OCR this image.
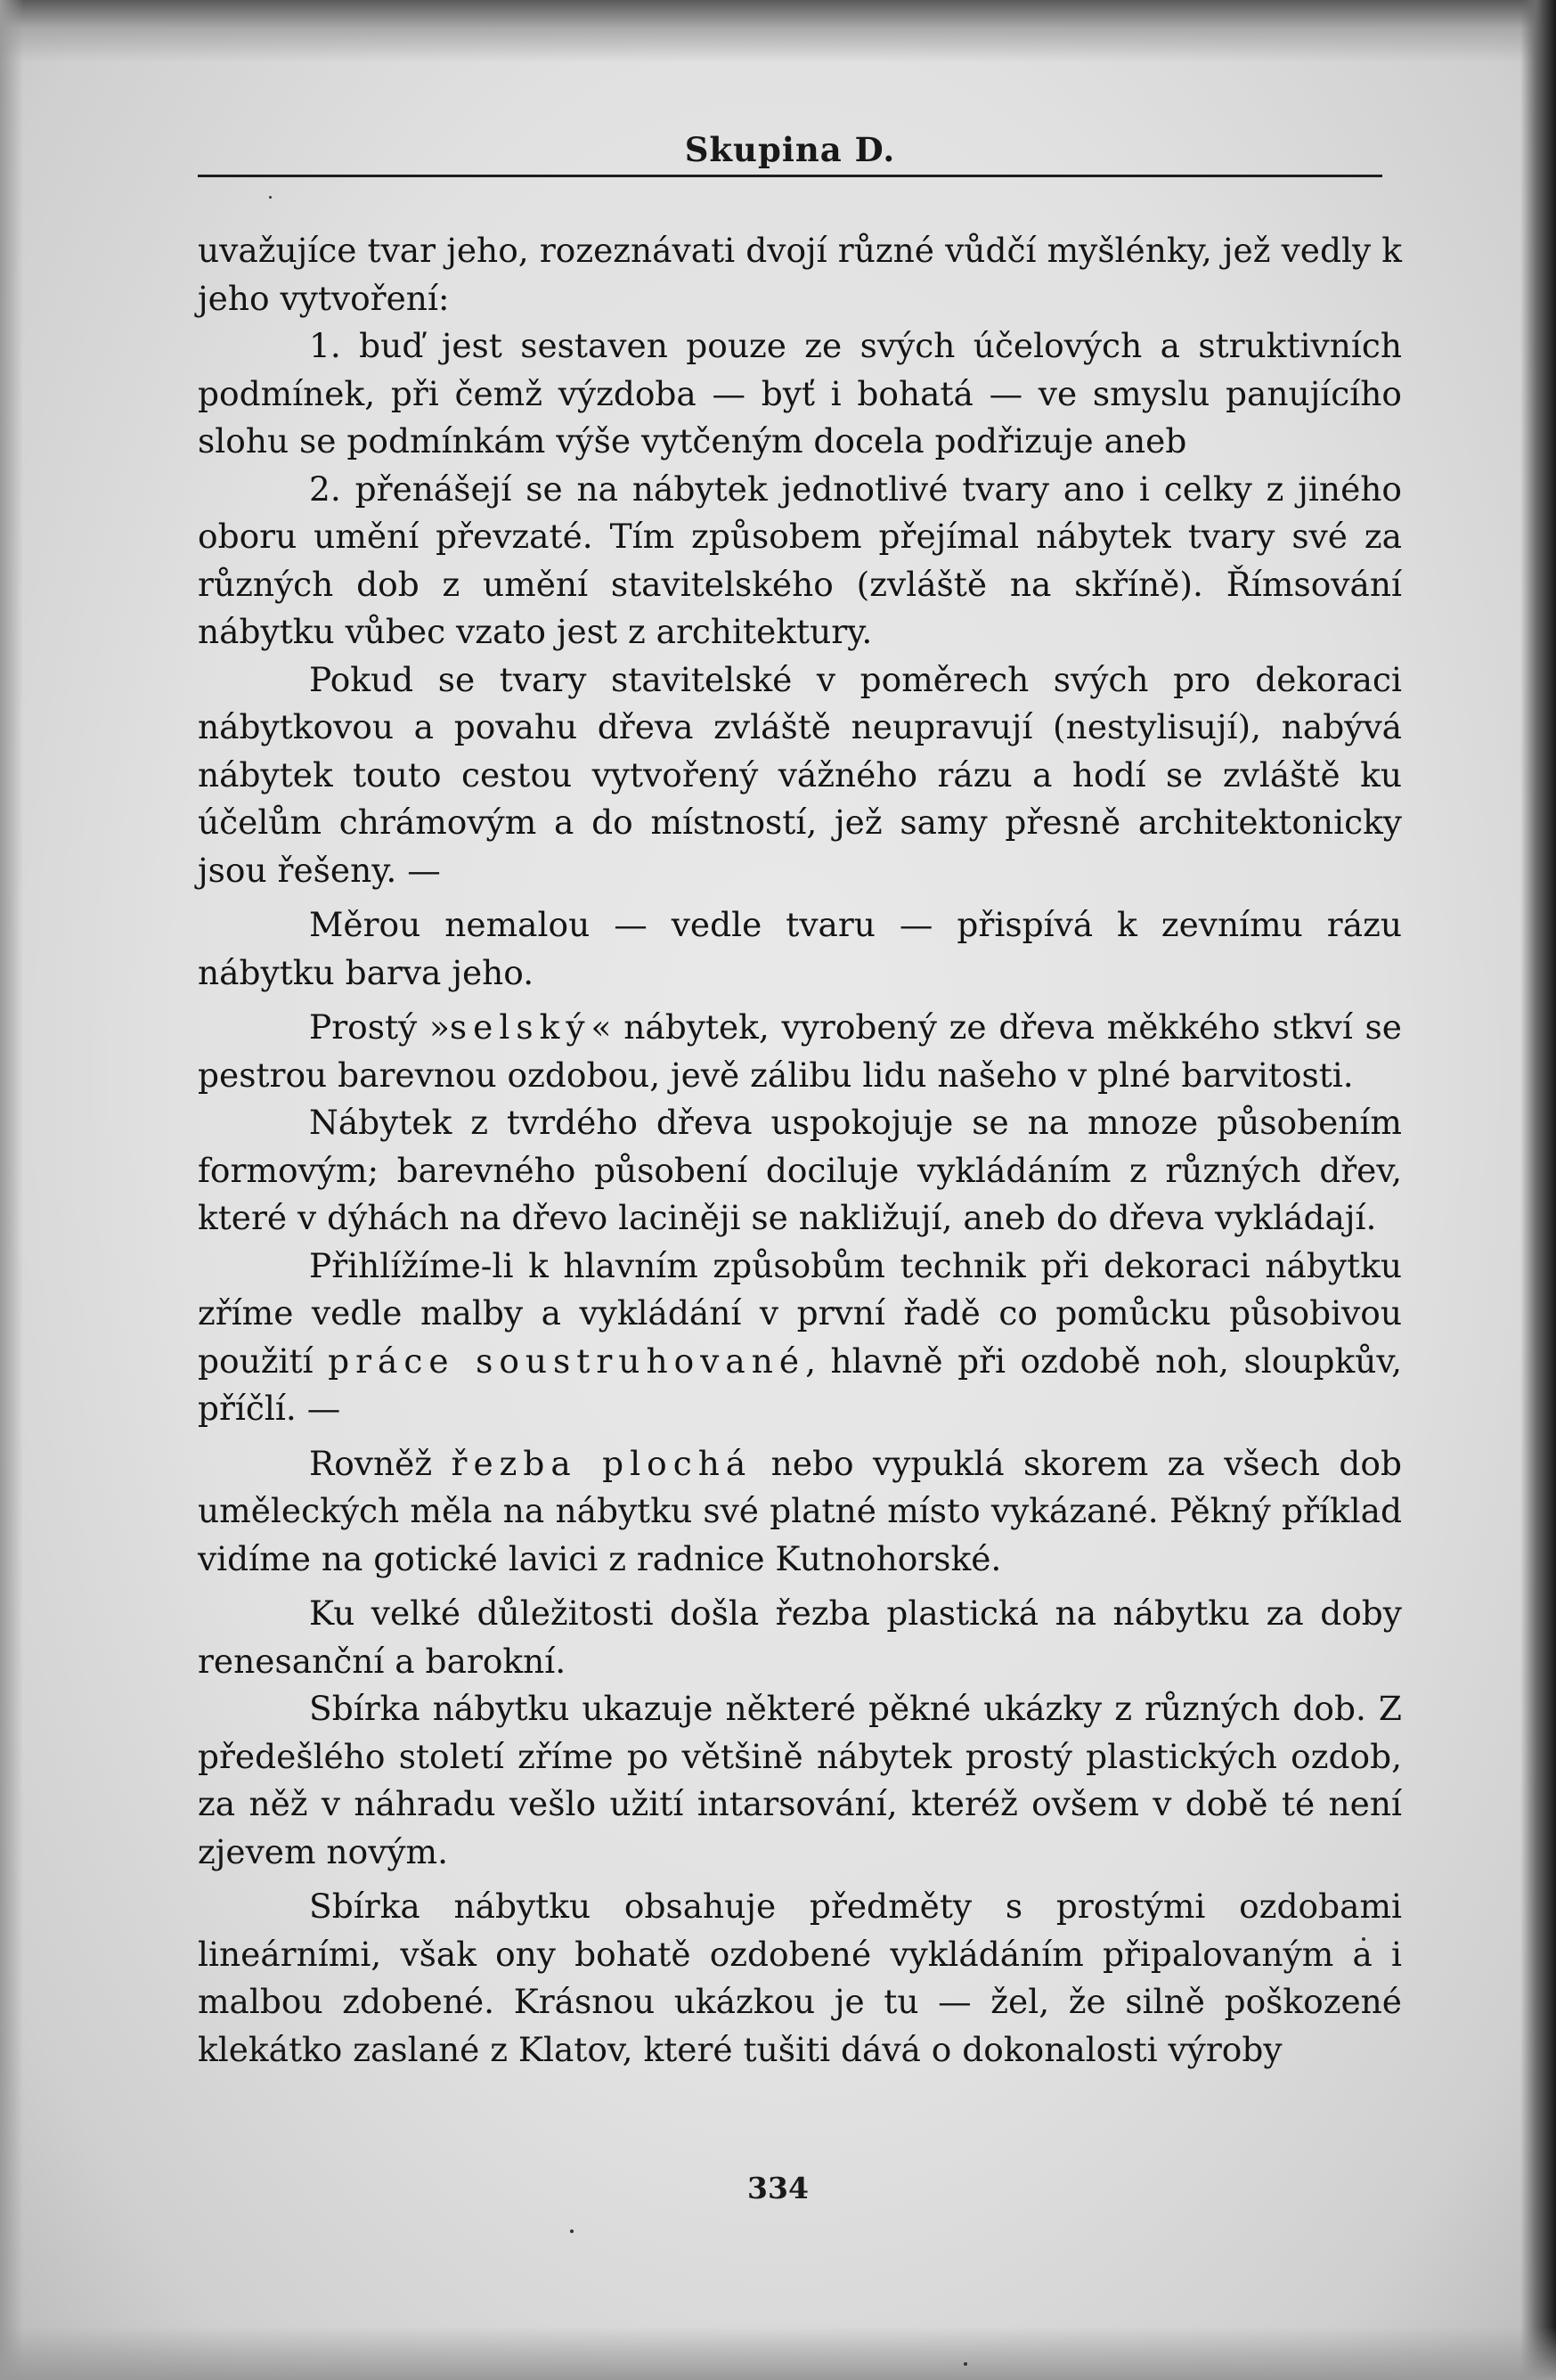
Skupina D.

uvažujíce tvar jeho, rozeznávati dvojí různé vůdčí myšlénky, jež vedly k jeho vytvoření:

1. buď jest sestaven pouze ze svých účelových a struktivních podmínek, při čemž výzdoba — byť i bohatá — ve smyslu panujícího slohu se podmínkám výše vytčeným docela podřizuje aneb

2. přenášejí se na nábytek jednotlivé tvary ano i celky z jiného oboru umění převzaté. Tím způsobem přejímal nábytek tvary své za různých dob z umění stavitelského (zvláště na skříně). Římsování nábytku vůbec vzato jest z architektury.

Pokud se tvary stavitelské v poměrech svých pro dekoraci nábytkovou a povahu dřeva zvláště neupravují (nestylisují), nabývá nábytek touto cestou vytvořený vážného rázu a hodí se zvláště ku účelům chrámovým a do místností, jež samy přesně architektonicky jsou řešeny. —

Měrou nemalou — vedle tvaru — přispívá k zevnímu rázu nábytku barva jeho.

Prostý »selský« nábytek, vyrobený ze dřeva měkkého stkví se pestrou barevnou ozdobou, jevě zálibu lidu našeho v plné barvitosti.

Nábytek z tvrdého dřeva uspokojuje se na mnoze působením formovým; barevného působení dociluje vykládáním z různých dřev, které v dýhách na dřevo laciněji se nakližují, aneb do dřeva vykládají.

Přihlížíme-li k hlavním způsobům technik při dekoraci nábytku zříme vedle malby a vykládání v první řadě co pomůcku působivou použití práce soustruhované, hlavně při ozdobě noh, sloupkův, příčlí. —

Rovněž řezba plochá nebo vypuklá skorem za všech dob uměleckých měla na nábytku své platné místo vykázané. Pěkný příklad vidíme na gotické lavici z radnice Kutnohorské.

Ku velké důležitosti došla řezba plastická na nábytku za doby renesanční a barokní.

Sbírka nábytku ukazuje některé pěkné ukázky z různých dob. Z předešlého století zříme po většině nábytek prostý plastických ozdob, za něž v náhradu vešlo užití intarsování, kteréž ovšem v době té není zjevem novým.

Sbírka nábytku obsahuje předměty s prostými ozdobami lineárními, však ony bohatě ozdobené vykládáním připalovaným a i malbou zdobené. Krásnou ukázkou je tu — žel, že silně poškozené klekátko zaslané z Klatov, které tušiti dává o dokonalosti výroby

334
